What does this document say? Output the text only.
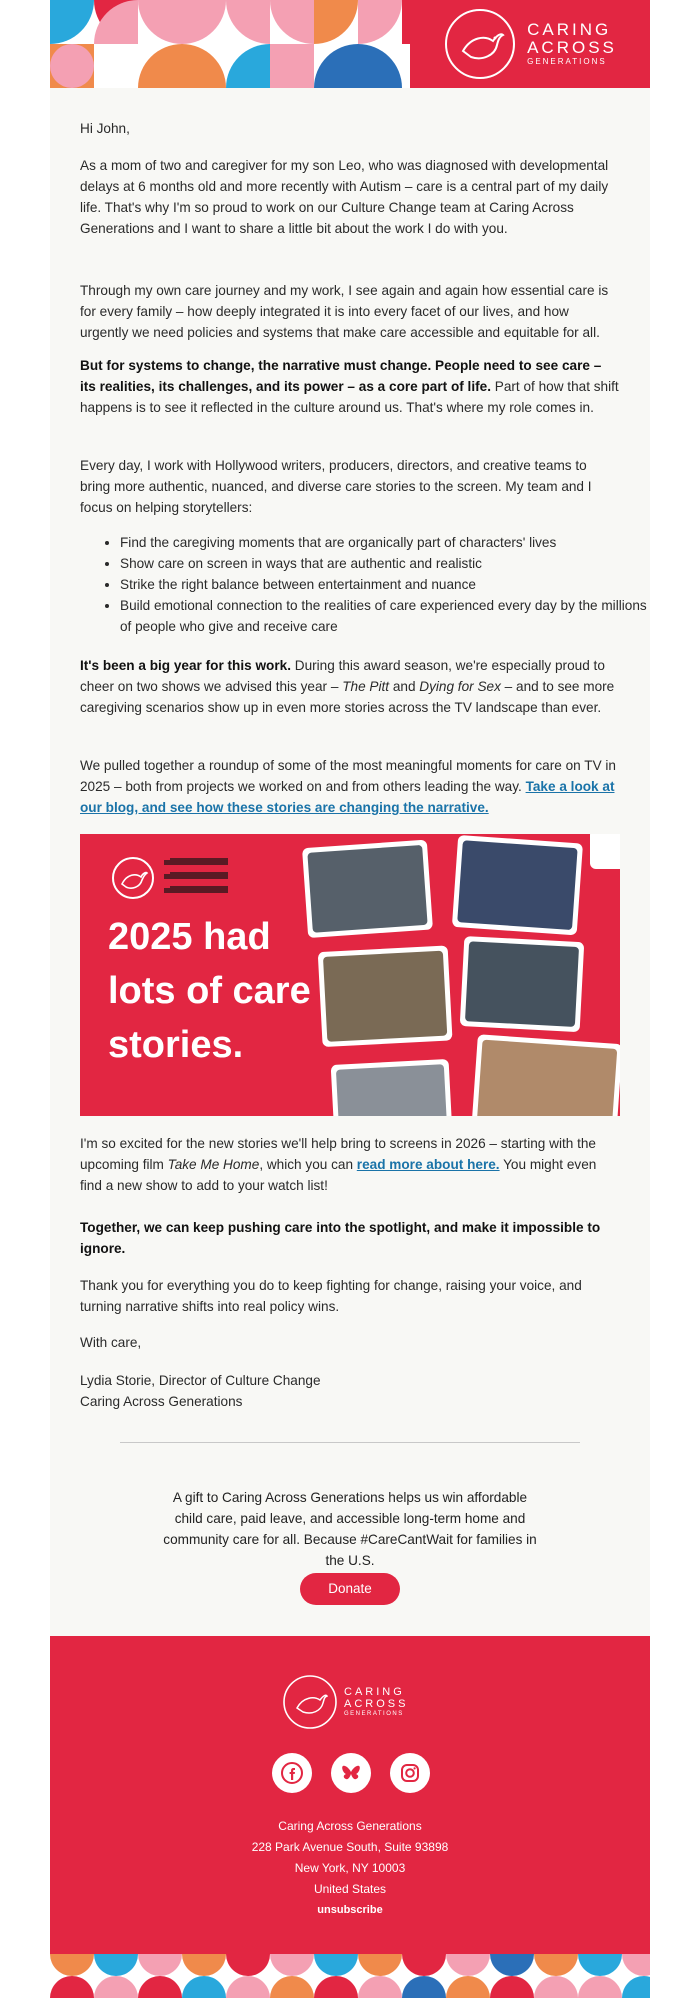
CARING
ACROSS
GENERATIONS

Hi John,

As a mom of two and caregiver for my son Leo, who was diagnosed with developmental delays at 6 months old and more recently with Autism – care is a central part of my daily life. That's why I'm so proud to work on our Culture Change team at Caring Across Generations and I want to share a little bit about the work I do with you.

Through my own care journey and my work, I see again and again how essential care is for every family – how deeply integrated it is into every facet of our lives, and how urgently we need policies and systems that make care accessible and equitable for all.

But for systems to change, the narrative must change. People need to see care – its realities, its challenges, and its power – as a core part of life. Part of how that shift happens is to see it reflected in the culture around us. That's where my role comes in.

Every day, I work with Hollywood writers, producers, directors, and creative teams to bring more authentic, nuanced, and diverse care stories to the screen. My team and I focus on helping storytellers:

• Find the caregiving moments that are organically part of characters' lives
• Show care on screen in ways that are authentic and realistic
• Strike the right balance between entertainment and nuance
• Build emotional connection to the realities of care experienced every day by the millions of people who give and receive care

It's been a big year for this work. During this award season, we're especially proud to cheer on two shows we advised this year – The Pitt and Dying for Sex – and to see more caregiving scenarios show up in even more stories across the TV landscape than ever.

We pulled together a roundup of some of the most meaningful moments for care on TV in 2025 – both from projects we worked on and from others leading the way. Take a look at our blog, and see how these stories are changing the narrative.

2025 had
lots of care
stories.

I'm so excited for the new stories we'll help bring to screens in 2026 – starting with the upcoming film Take Me Home, which you can read more about here. You might even find a new show to add to your watch list!

Together, we can keep pushing care into the spotlight, and make it impossible to ignore.

Thank you for everything you do to keep fighting for change, raising your voice, and turning narrative shifts into real policy wins.

With care,

Lydia Storie, Director of Culture Change

Caring Across Generations

A gift to Caring Across Generations helps us win affordable child care, paid leave, and accessible long-term home and community care for all. Because #CareCantWait for families in the U.S.

Donate
CARING
ACROSS
GENERATIONS
Caring Across Generations
228 Park Avenue South, Suite 93898
New York, NY 10003
United States
unsubscribe
